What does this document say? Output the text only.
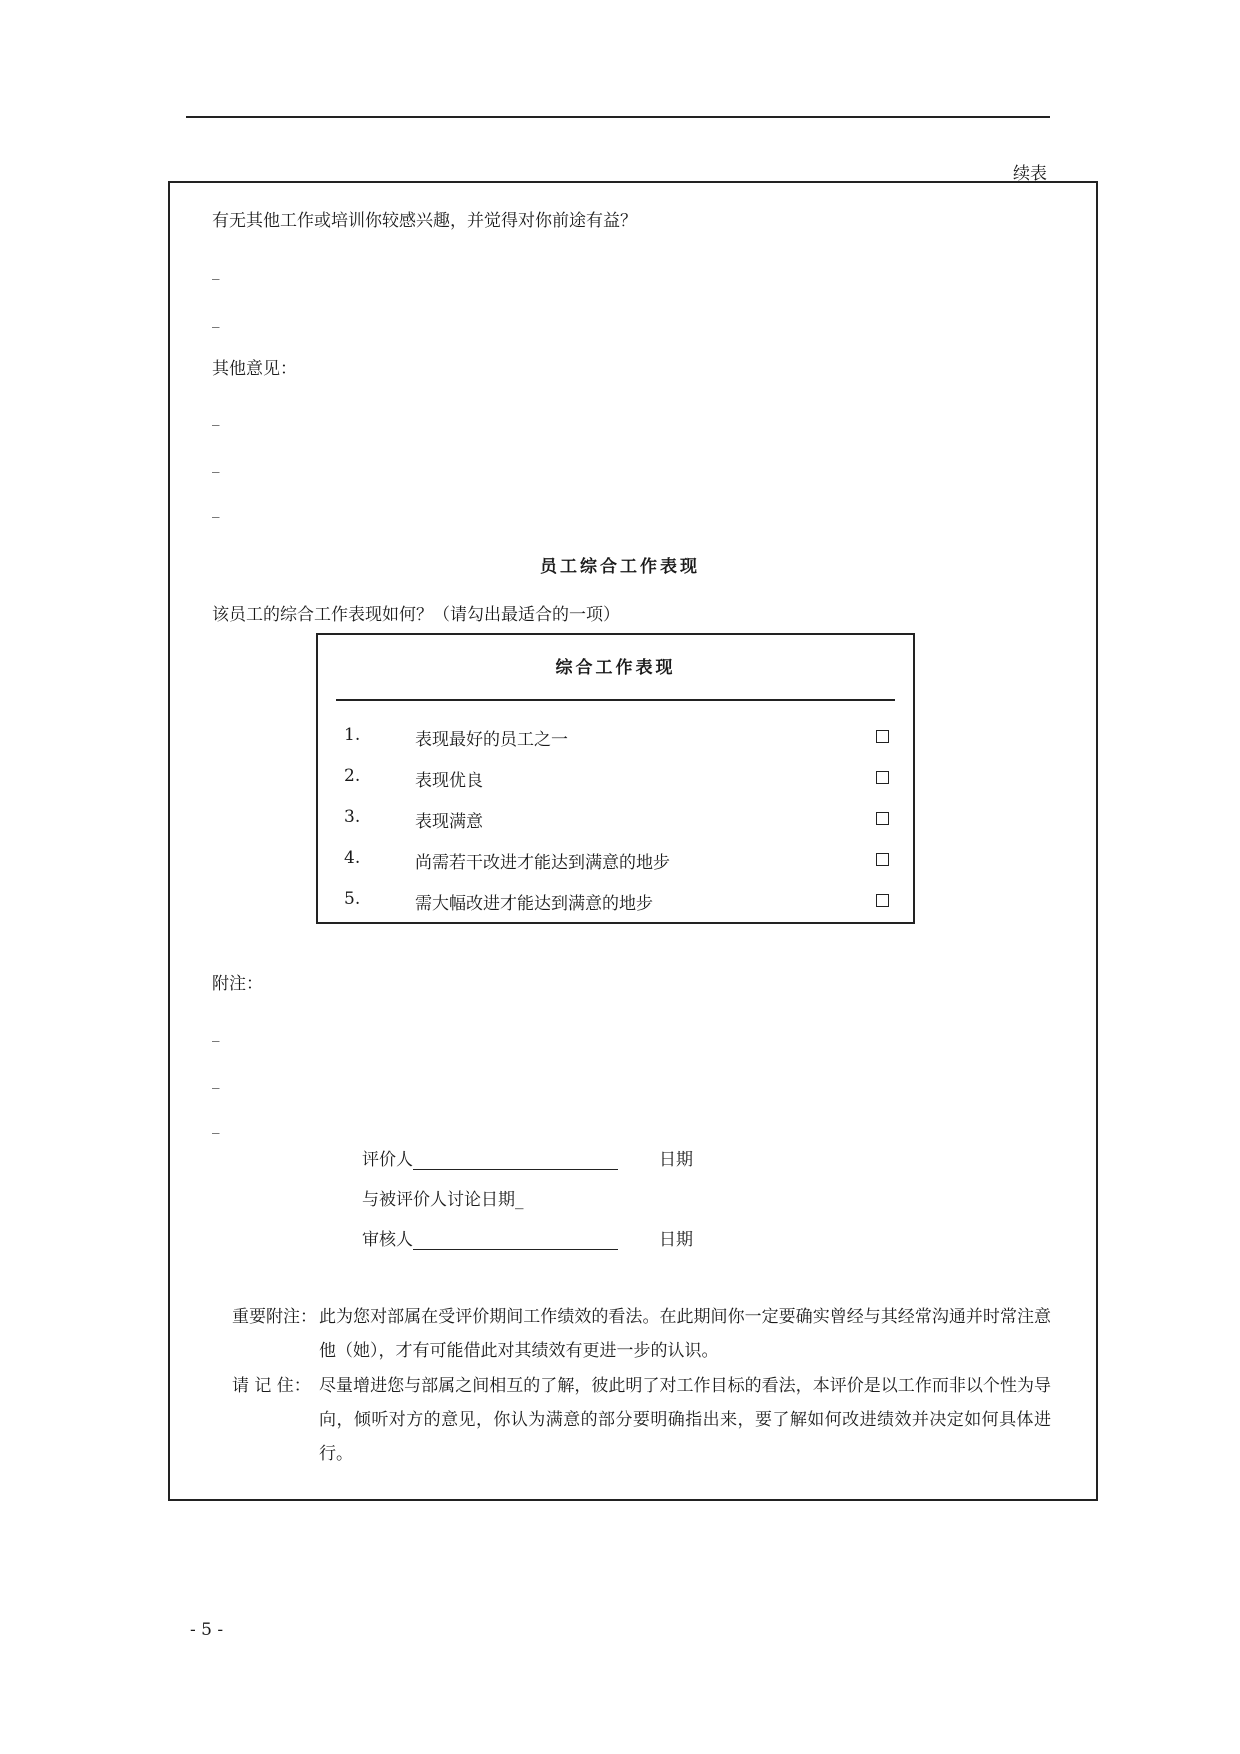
续表
有无其他工作或培训你较感兴趣，并觉得对你前途有益？
_
_
其他意见：
_
_
_
员工综合工作表现
该员工的综合工作表现如何？（请勾出最适合的一项）
综合工作表现
1.	表现最好的员工之一
2.	表现优良
3.	表现满意
4.	尚需若干改进才能达到满意的地步
5.	需大幅改进才能达到满意的地步
附注：
_
_
_
评价人	日期
与被评价人讨论日期_
审核人	日期
重要附注： 此为您对部属在受评价期间工作绩效的看法。在此期间你一定要确实曾经与其经常沟通并时常注意他（她），才有可能借此对其绩效有更进一步的认识。
请 记 住： 尽量增进您与部属之间相互的了解，彼此明了对工作目标的看法，本评价是以工作而非以个性为导向，倾听对方的意见，你认为满意的部分要明确指出来，要了解如何改进绩效并决定如何具体进行。
- 5 -
